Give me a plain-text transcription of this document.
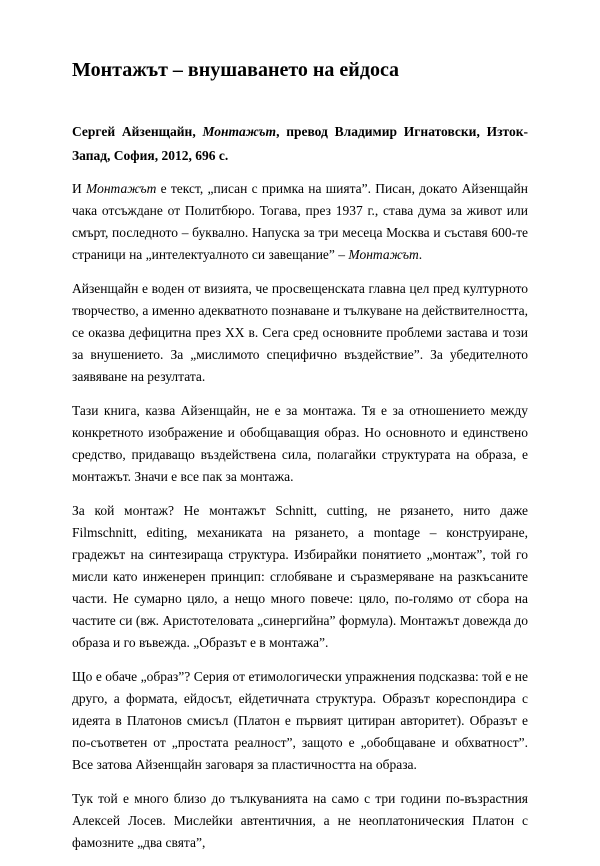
Монтажът – внушаването на ейдоса

Сергей Айзенщайн, Монтажът, превод Владимир Игнатовски, Изток-Запад, София, 2012, 696 с.

И Монтажът е текст, „писан с примка на шията”. Писан, докато Айзенщайн чака отсъждане от Политбюро. Тогава, през 1937 г., става дума за живот или смърт, последното – буквално. Напуска за три месеца Москва и съставя 600-те страници на „интелектуалното си завещание” – Монтажът.

Айзенщайн е воден от визията, че просвещенската главна цел пред културното творчество, а именно адекватното познаване и тълкуване на действителността, се оказва дефицитна през XX в. Сега сред основните проблеми застава и този за внушението. За „мислимото специфично въздействие”. За убедителното заявяване на резултата.

Тази книга, казва Айзенщайн, не е за монтажа. Тя е за отношението между конкретното изображение и обобщаващия образ. Но основното и единствено средство, придаващо въздействена сила, полагайки структурата на образа, е монтажът. Значи е все пак за монтажа.

За кой монтаж? Не монтажът Schnitt, cutting, не рязането, нито даже Filmschnitt, editing, механиката на рязането, а montage – конструиране, градежът на синтезираща структура. Избирайки понятието „монтаж”, той го мисли като инженерен принцип: сглобяване и съразмеряване на разкъсаните части. Не сумарно цяло, а нещо много повече: цяло, по-голямо от сбора на частите си (вж. Аристотеловата „синергийна” формула). Монтажът довежда до образа и го въвежда. „Образът е в монтажа”.

Що е обаче „образ”? Серия от етимологически упражнения подсказва: той е не друго, а формата, ейдосът, ейдетичната структура. Образът кореспондира с идеята в Платонов смисъл (Платон е първият цитиран авторитет). Образът е по-съответен от „простата реалност”, защото е „обобщаване и обхватност”. Все затова Айзенщайн заговаря за пластичността на образа.

Тук той е много близо до тълкуванията на само с три години по-възрастния Алексей Лосев. Мислейки автентичния, а не неоплатоническия Платон с фамозните „два свята”,
